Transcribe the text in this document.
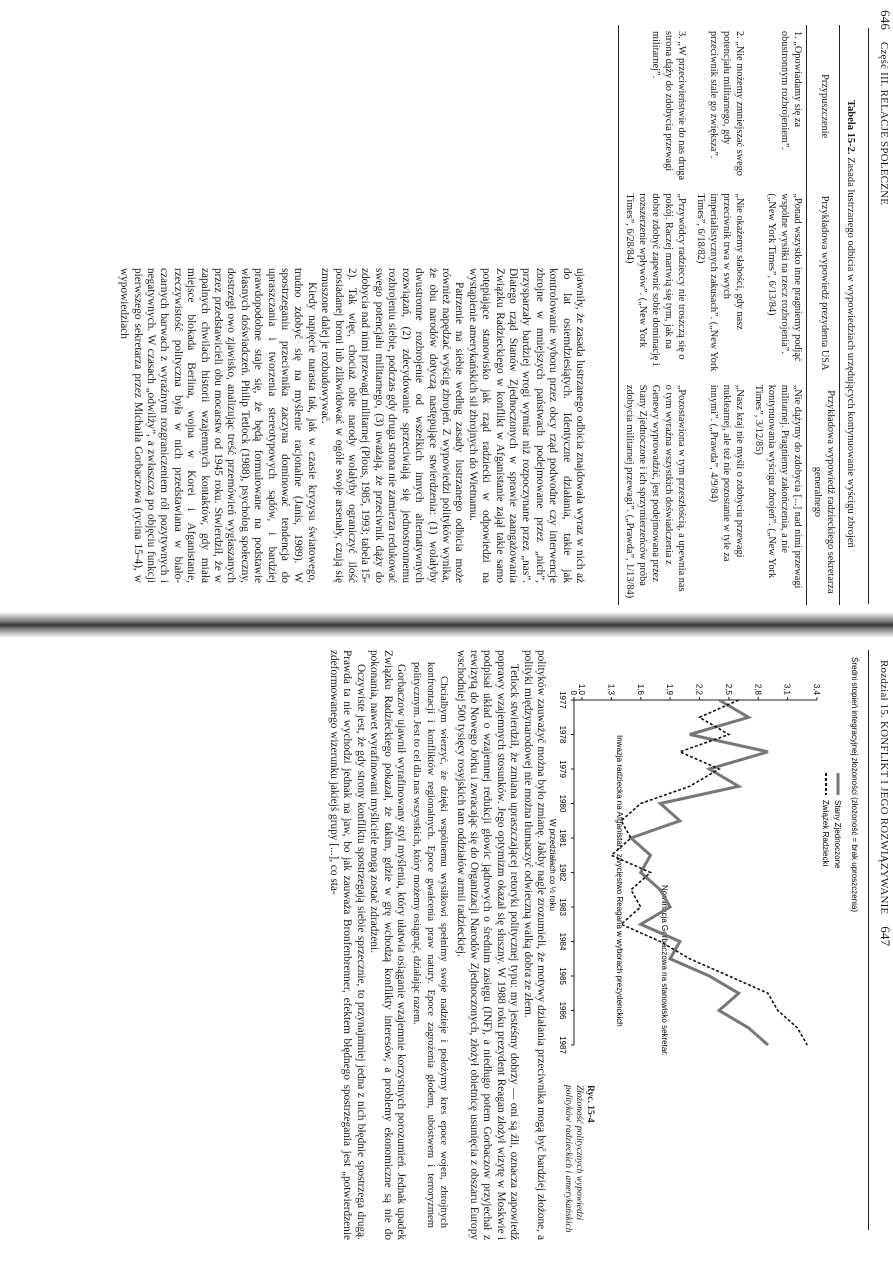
646    Część III. RELACJE SPOŁECZNE
Tabela 15-2. Zasada lustrzanego odbicia w wypowiedziach urzędujących kontynuowanie wyścigu zbrojeń
Przypuszczenie	Przykładowa wypowiedź prezydenta USA	Przykładowa wypowiedź radzieckiego sekretarza generalnego
1. „Opowiadamy się za obustronnym rozbrojeniem”.	„Ponad wszystko inne pragniemy podjąć wspólne wysiłki na rzecz rozbrojenia”. („New York Times”, 6/13/84)	„Nie dążymy do zdobycia [...] nad nimi przewagi militarnej. Pragniemy zakończenia, a nie kontynuowania wyścigu zbrojeń”. („New York Times”, 3/12/85)
2. „Nie możemy zmniejszać swego potencjału militarnego, gdy przeciwnik stale go zwiększa”.	„Nie okażemy słabości, gdy nasz przeciwnik trwa w swych imperialistycznych zakusach”. („New York Times”, 6/18/82)	„Nasz kraj nie myśli o zdobyciu przewagi nuklearnej, ale też nie pozostanie w tyle za innymi”. („Prawda”, 4/9/84)
3. „W przeciwieństwie do nas druga strona dąży do zdobycia przewagi militarnej”.	„Przywódcy radzieccy nie troszczą się o pokój. Raczej martwią się tym, jak na dobre zdobyć zapewnić sobie dominację i rozszerzenie wpływów”. („New York Times”, 6/28/84)	„Pozostawiona w tym przeszłością, a upewnia nas o tym wyraźna wszystkich doświadczenia z Genewy wyprowadzić, jest podejmowana przez Stany Zjednoczone i ich sprzymierzeńców próba zdobycia militarnej przewagi”. („Prawda”, 1/13/84)

ujawniły, że zasada lustrzanego odbicia znajdowała wyraz w nich aż do lat osiemdziesiątych. Identyczne działania, takie jak kontrolowanie wyboru przez obcy rząd podwodne czy interwencje zbrojne w mniejszych państwach podejmowane przez „nich”, przysparzały bardziej wrogi wymiar niż rozpoczynane przez „nas”. Dlatego rząd Stanów Zjednoczonych w sprawie zaangażowania Związku Radzieckiego w konflikt w Afganistanie zajął takie samo potępiające stanowisko jak rząd radziecki w odpowiedzi na wystąpienie amerykańskich sił zbrojnych do Wietnamu.

Patrzenie na siebie według zasady lustrzanego odbicia może również napędzać wyścig zbrojeń. Z wypowiedzi polityków wynika, że obu narodów dotyczą następujące stwierdzenia: (1) wolałyby dwustronne rozbrojenie od wszelkich innych alternatywnych rozwiązań, (2) zdecydowanie sprzeciwiają się jednostronnemu rozbrojeniu siebie, podczas gdy druga strona nie zamierza redukować swego potencjału militarnego, (3) uważają, że przeciwnik dąży do zdobycia nad nimi przewagi militarnej (Plous, 1985, 1993; tabela 15-2). Tak więc, chociaż obie narody wolałyby ograniczyć ilość posiadanej broni lub zlikwidować w ogóle swoje arsenały, czują się zmuszone dalej je rozbudowywać.

Kiedy napięcie narasta tak, jak w czasie kryzysu światowego, trudno zdobyć się na myślenie racjonalne (Janis, 1989). W spostrzeganiu przeciwnika zaczyna dominować tendencja do upraszczania i tworzenia stereotypowych sądów, i bardziej prawdopodobne staje się, że będą formułowane na podstawie własnych doświadczeń. Philip Tetlock (1988), psycholog społeczny, dostrzegł owo zjawisko, analizując treść przemówień wygłaszanych przez przedstawicieli obu mocarstw od 1945 roku. Stwierdził, że w zapalnych chwilach historii wzajemnych kontaktów, gdy miała miejsce blokada Berlina, wojna w Korei i Afganistanie, rzeczywistość polityczna była w nich przedstawiana w biało-czarnych barwach z wyraźnym rozgraniczeniem ról pozytywnych i negatywnych. W czasach „odwilży”, a zwłaszcza po objęciu funkcji pierwszego sekretarza przez Michaiła Gorbaczowa (rycina 15-4), w wypowiedziach

Rozdział 15. KONFLIKT I JEGO ROZWIĄZYWANIE    647
Średni stopień integracyjnej złożoności (złożoność = brak uproszczenia)
W przedziałach co ½ roku	Stany Zjednoczone
Związek Radziecki
Inwazja radziecka na Afganistan; zwycięstwo Reagana w wyborach prezydenckich	Nominacja Gorbaczowa na stanowisko sekretarza generalnego
0 1,0	1,3	1,6	1,9	2,2	2,5	2,8	3,1	3,4
1977
1978
1979
1980
1981
1982
1983
1984
1985
1986
1987
Ryc. 15-4
Złożoność politycznych wypowiedzi polityków radzieckich i amerykańskich

polityków zauważyć można było zmianę. Jakby nagle zrozumieli, że motywy działania przeciwnika mogą być bardziej złożone, a polityki międzynarodowej nie można tłumaczyć odwieczną walką dobra ze złem.

Tetlock stwierdził, że zmiana upraszczającej retoryki politycznej typu: my jesteśmy dobrzy — oni są źli, oznacza zapowiedź poprawy wzajemnych stosunków. Jego optymizm okazał się słuszny. W 1988 roku prezydent Reagan złożył wizytę w Moskwie i podpisał układ o wzajemnej redukcji głowic jądrowych o średnim zasięgu (INF), a niedługo potem Gorbaczow przyjechał z rewizytą do Nowego Jorku i zwracając się do Organizacji Narodów Zjednoczonych, złożył obietnicę usunięcia z obszaru Europy wschodniej 500 tysięcy rosyjskich tam oddziałów armii radzieckiej.

Chcialbym wierzyć, że dzięki wspólnemu wysiłkowi spełnimy swoje nadzieje i położymy kres epoce wojen, zbrojnych konfrontacji i konfliktów regionalnych. Epoce gwałcenia praw natury. Epoce zagrożenia głodem, ubóstwem i terroryzmem politycznym. Jest to cel dla nas wszystkich, który możemy osiągnąć, działając razem.

Gorbaczow ujawnił wyrafinowany styl myślenia, który ułatwia osiąganie wzajemnie korzystnych porozumień. Jednak upadek Związku Radzieckiego pokazał, że takim, gdzie w grę wchodzą konflikty interesów, a problemy ekonomiczne są nie do pokonania, nawet wyrafinowani myśliciele mogą zostać zdradzeni.

Oczywiste jest, że gdy strony konfliktu spostrzegają siebie sprzecznie, to przynajmniej jedna z nich błędnie spostrzega drugą. Prawda ta nie wychodzi jednak na jaw, bo jak zauważa Bronfenbrenner, efektem błędnego spostrzegania jest „potwierdzenie zdeformowanego wizerunku jakiejś grupy [...], co sta-
